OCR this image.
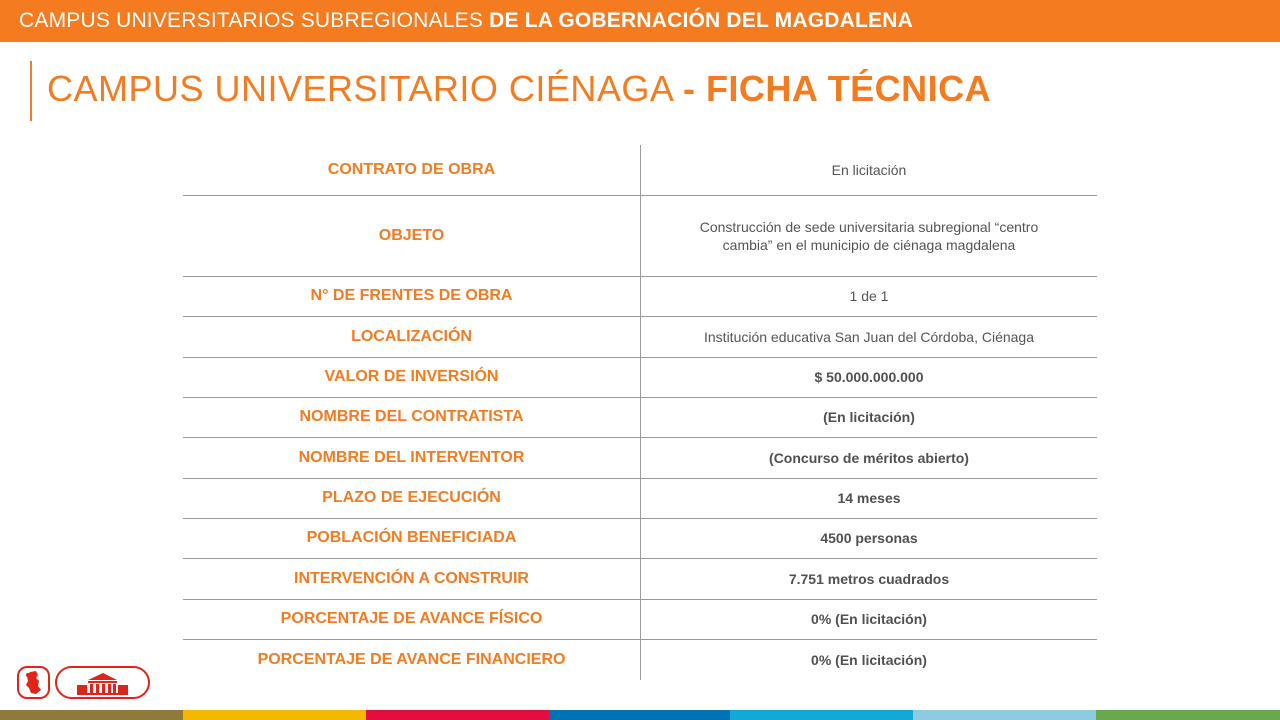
CAMPUS UNIVERSITARIOS SUBREGIONALES DE LA GOBERNACIÓN DEL MAGDALENA
CAMPUS UNIVERSITARIO CIÉNAGA - FICHA TÉCNICA
CONTRATO DE OBRA	En licitación
OBJETO	Construcción de sede universitaria subregional “centro cambia” en el municipio de ciénaga magdalena
N° DE FRENTES DE OBRA	1 de 1
LOCALIZACIÓN	Institución educativa San Juan del Córdoba, Ciénaga
VALOR DE INVERSIÓN	$ 50.000.000.000
NOMBRE DEL CONTRATISTA	(En licitación)
NOMBRE DEL INTERVENTOR	(Concurso de méritos abierto)
PLAZO DE EJECUCIÓN	14 meses
POBLACIÓN BENEFICIADA	4500 personas
INTERVENCIÓN A CONSTRUIR	7.751 metros cuadrados
PORCENTAJE DE AVANCE FÍSICO	0% (En licitación)
PORCENTAJE DE AVANCE FINANCIERO	0% (En licitación)
